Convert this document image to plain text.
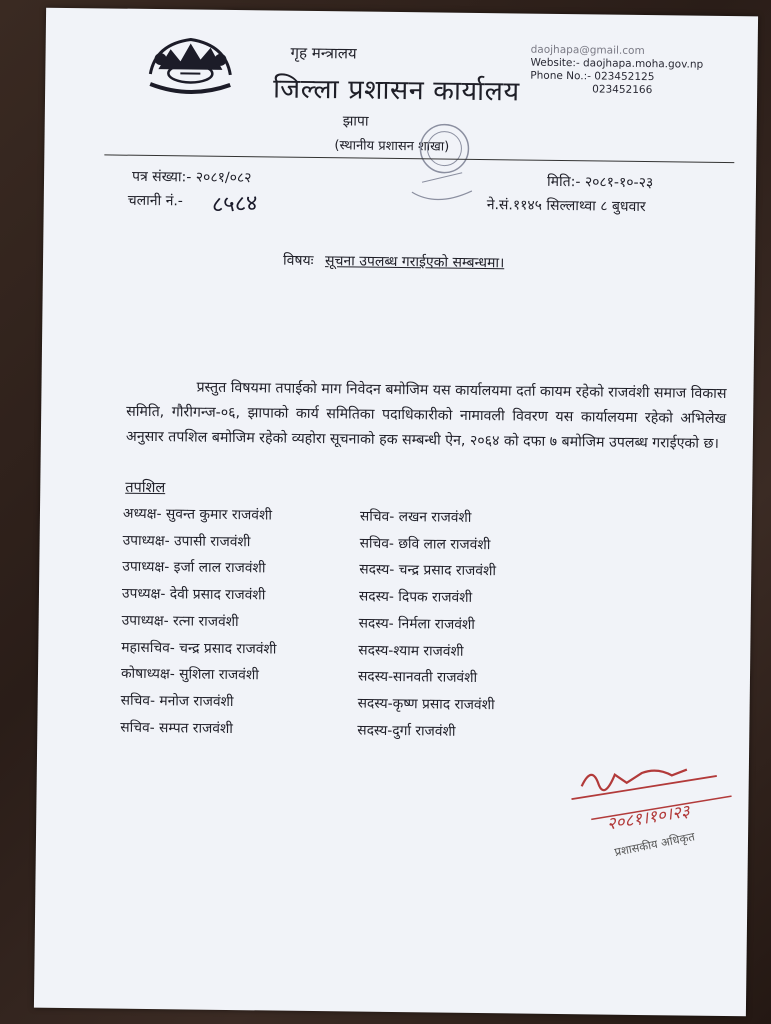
गृह मन्त्रालय
जिल्ला प्रशासन कार्यालय
झापा
(स्थानीय प्रशासन शाखा)
daojhapa@gmail.com
Website:- daojhapa.moha.gov.np
Phone No.:- 023452125
023452166
पत्र संख्या:- २०८१/०८२
चलानी नं.- ८५८४
मिति:- २०८१-१०-२३
ने.सं.११४५ सिल्लाथ्वा ८ बुधवार
विषयः सूचना उपलब्ध गराईएको सम्बन्धमा।
प्रस्तुत विषयमा तपाईको माग निवेदन बमोजिम यस कार्यालयमा दर्ता कायम रहेको राजवंशी समाज विकास समिति, गौरीगन्ज-०६, झापाको कार्य समितिका पदाधिकारीको नामावली विवरण यस कार्यालयमा रहेको अभिलेख अनुसार तपशिल बमोजिम रहेको व्यहोरा सूचनाको हक सम्बन्धी ऐन, २०६४ को दफा ७ बमोजिम उपलब्ध गराईएको छ।
तपशिल
अध्यक्ष- सुवन्त कुमार राजवंशी
उपाध्यक्ष- उपासी राजवंशी
उपाध्यक्ष- इर्जा लाल राजवंशी
उपध्यक्ष- देवी प्रसाद राजवंशी
उपाध्यक्ष- रत्ना राजवंशी
महासचिव- चन्द्र प्रसाद राजवंशी
कोषाध्यक्ष- सुशिला राजवंशी
सचिव- मनोज राजवंशी
सचिव- सम्पत राजवंशी
सचिव- लखन राजवंशी
सचिव- छवि लाल राजवंशी
सदस्य- चन्द्र प्रसाद राजवंशी
सदस्य- दिपक राजवंशी
सदस्य- निर्मला राजवंशी
सदस्य-श्याम राजवंशी
सदस्य-सानवती राजवंशी
सदस्य-कृष्ण प्रसाद राजवंशी
सदस्य-दुर्गा राजवंशी
२०८१।१०।२३
प्रशासकीय अधिकृत
